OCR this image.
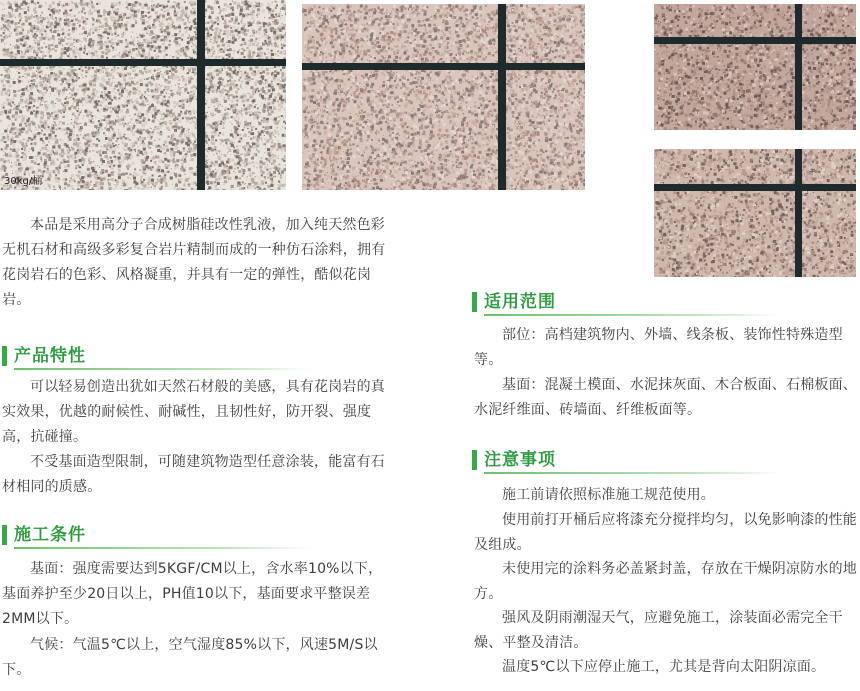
30kg/桶

本品是采用高分子合成树脂硅改性乳液，加入纯天然色彩无机石材和高级多彩复合岩片精制而成的一种仿石涂料，拥有花岗岩石的色彩、风格凝重，并具有一定的弹性，酷似花岗岩。

产品特性

可以轻易创造出犹如天然石材般的美感，具有花岗岩的真实效果，优越的耐候性、耐碱性，且韧性好，防开裂、强度高，抗碰撞。

不受基面造型限制，可随建筑物造型任意涂装，能富有石材相同的质感。

施工条件

基面：强度需要达到5KGF/CM以上，含水率10%以下，基面养护至少20日以上，PH值10以下，基面要求平整误差2MM以下。

气候：气温5℃以上，空气湿度85%以下，风速5M/S以下。

适用范围

部位：高档建筑物内、外墙、线条板、装饰性特殊造型等。

基面：混凝土模面、水泥抹灰面、木合板面、石棉板面、水泥纤维面、砖墙面、纤维板面等。

注意事项

施工前请依照标准施工规范使用。

使用前打开桶后应将漆充分搅拌均匀，以免影响漆的性能及组成。

未使用完的涂料务必盖紧封盖，存放在干燥阴凉防水的地方。

强风及阴雨潮湿天气，应避免施工，涂装面必需完全干燥、平整及清洁。

温度5℃以下应停止施工，尤其是背向太阳阴凉面。
